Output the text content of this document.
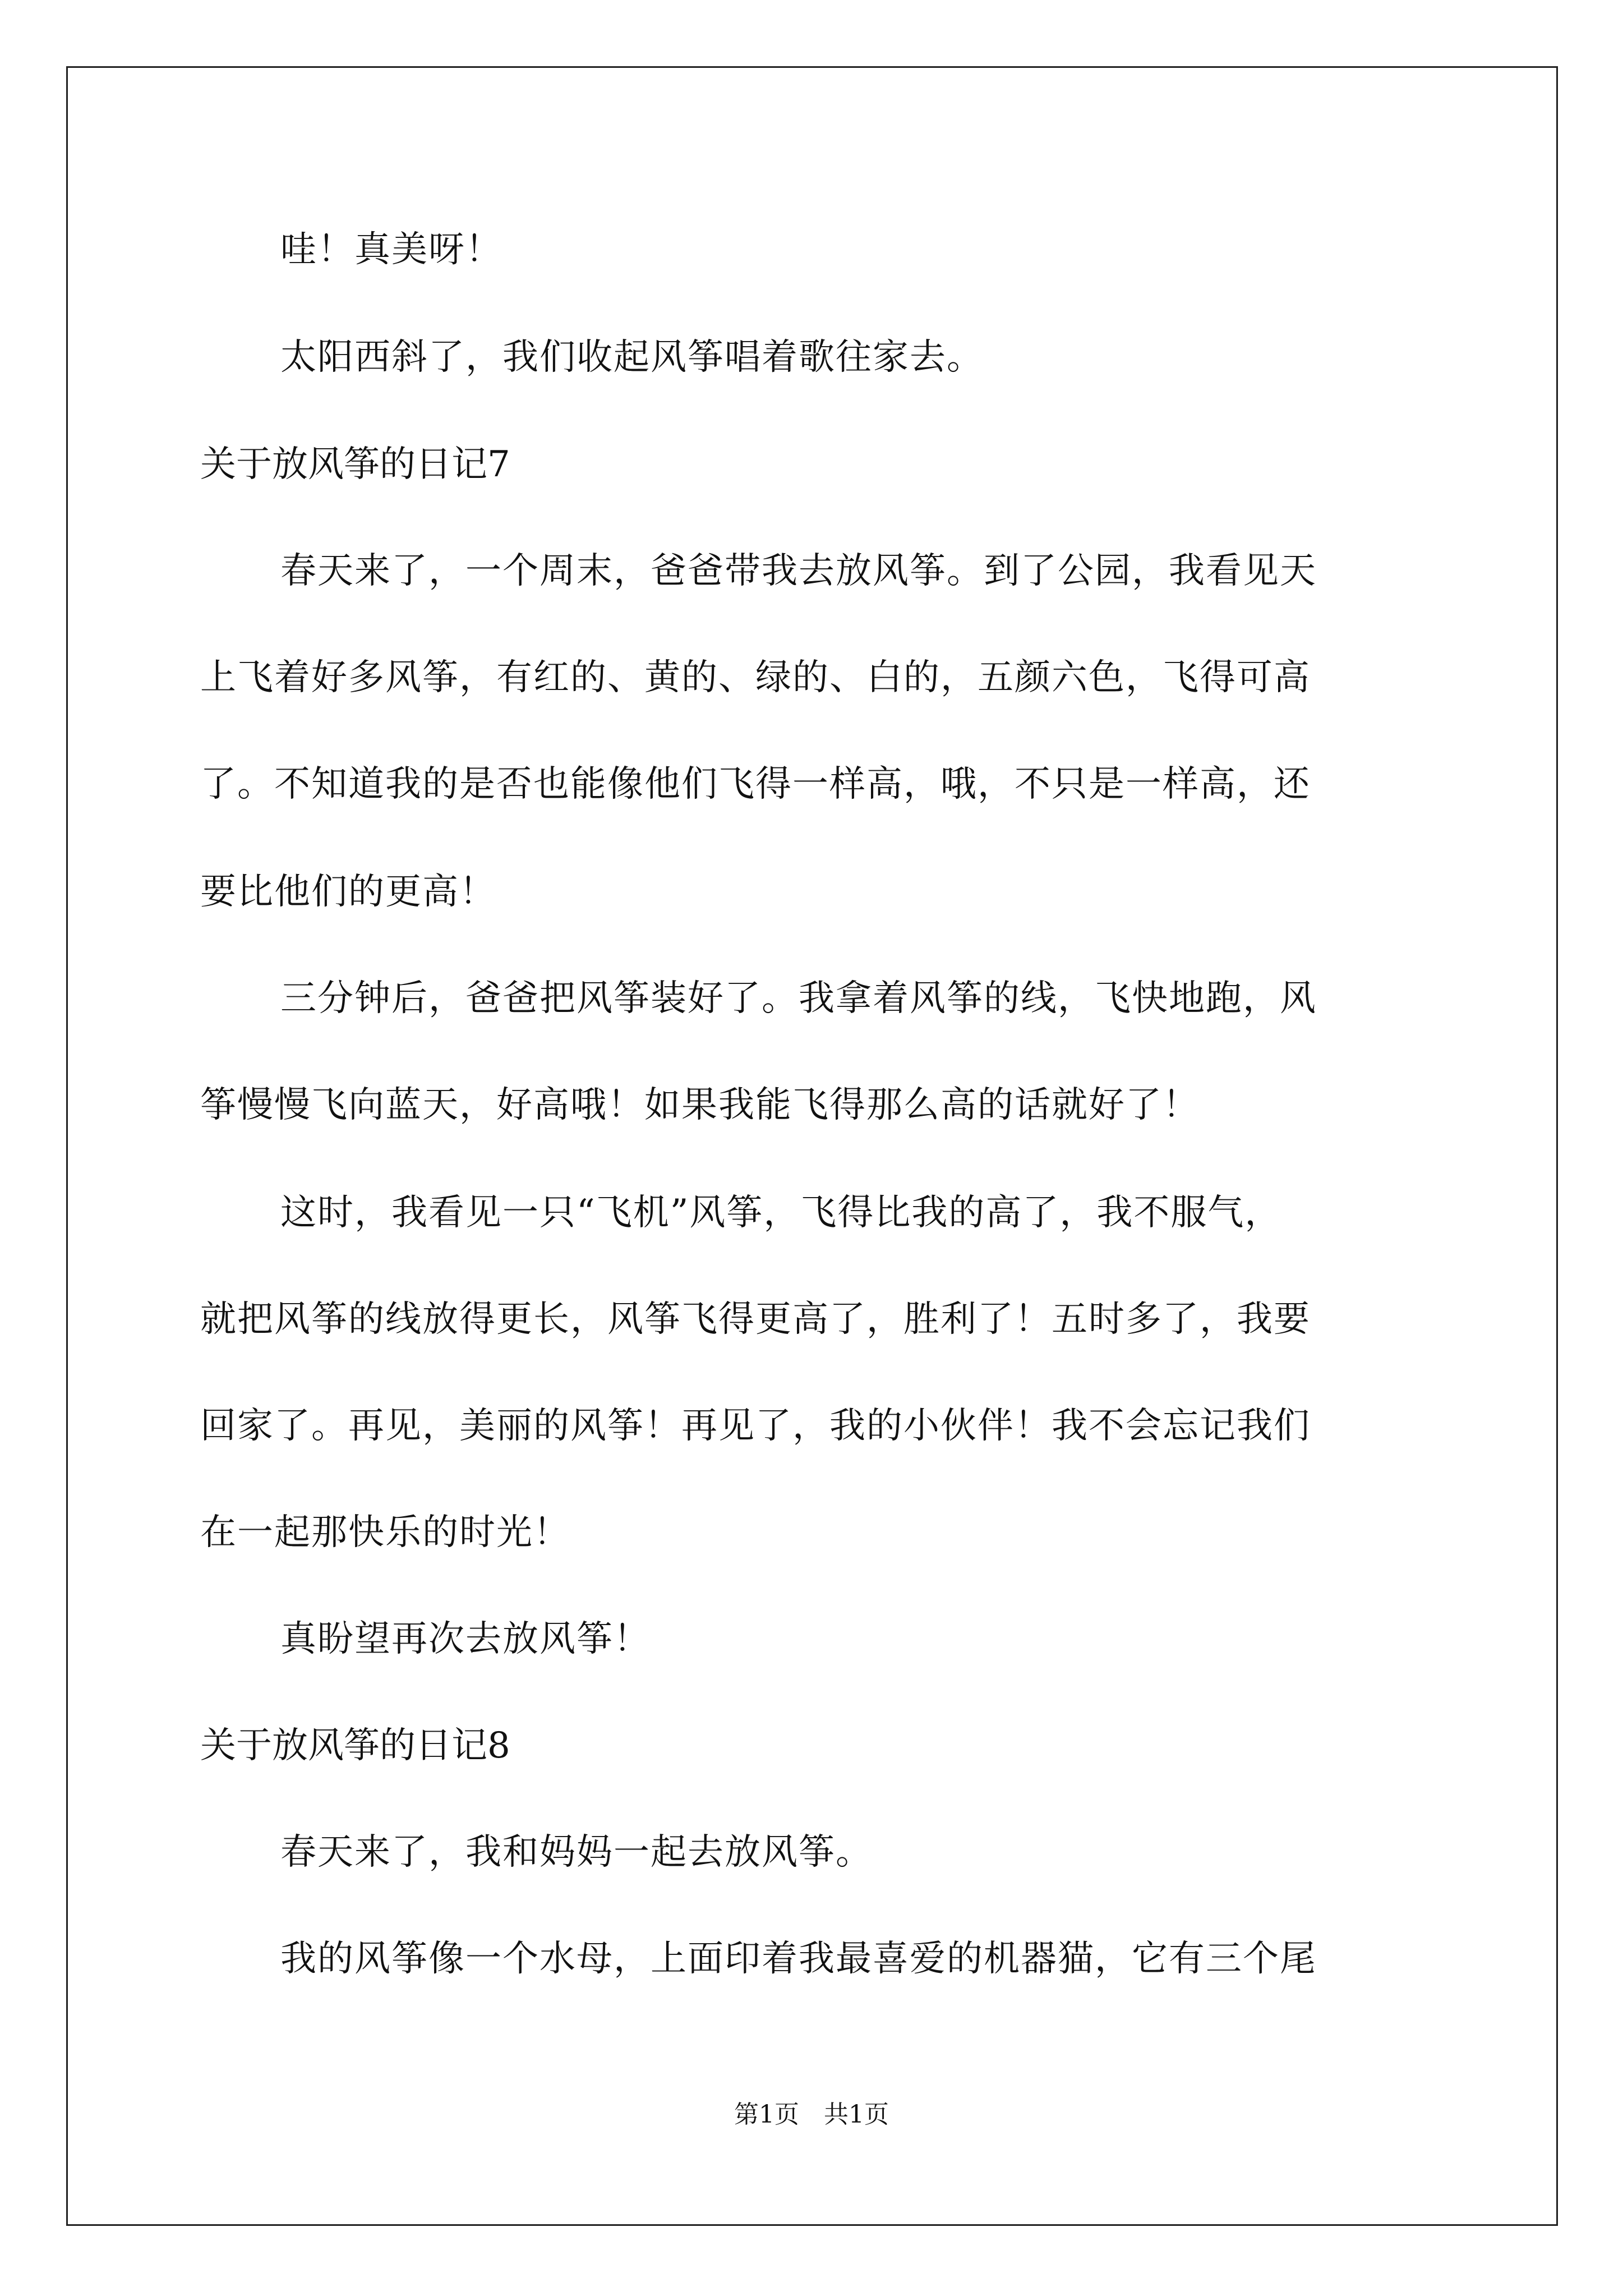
哇！真美呀！
太阳西斜了，我们收起风筝唱着歌往家去。
关于放风筝的日记7
春天来了，一个周末，爸爸带我去放风筝。到了公园，我看见天
上飞着好多风筝，有红的、黄的、绿的、白的，五颜六色，飞得可高
了。不知道我的是否也能像他们飞得一样高，哦，不只是一样高，还
要比他们的更高！
三分钟后，爸爸把风筝装好了。我拿着风筝的线，飞快地跑，风
筝慢慢飞向蓝天，好高哦！如果我能飞得那么高的话就好了！
这时，我看见一只“飞机”风筝，飞得比我的高了，我不服气，
就把风筝的线放得更长，风筝飞得更高了，胜利了！五时多了，我要
回家了。再见，美丽的风筝！再见了，我的小伙伴！我不会忘记我们
在一起那快乐的时光！
真盼望再次去放风筝！
关于放风筝的日记8
春天来了，我和妈妈一起去放风筝。
我的风筝像一个水母，上面印着我最喜爱的机器猫，它有三个尾
第1页　共1页
